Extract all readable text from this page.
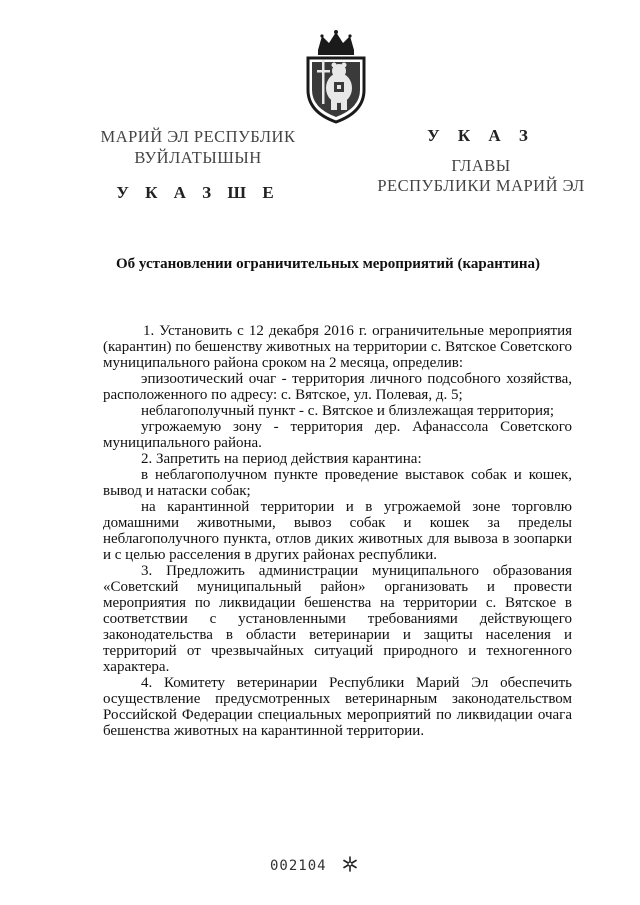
МАРИЙ ЭЛ РЕСПУБЛИК
ВУЙЛАТЫШЫН
У К А З Ш Е
У К А З
ГЛАВЫ
РЕСПУБЛИКИ МАРИЙ ЭЛ
Об установлении ограничительных мероприятий (карантина)

1. Установить с 12 декабря 2016 г. ограничительные мероприятия (карантин) по бешенству животных на территории с. Вятское Советского муниципального района сроком на 2 месяца, определив:

эпизоотический очаг - территория личного подсобного хозяйства, расположенного по адресу: с. Вятское, ул. Полевая, д. 5;

неблагополучный пункт - с. Вятское и близлежащая территория;

угрожаемую зону - территория дер. Афанассола Советского муниципального района.

2. Запретить на период действия карантина:

в неблагополучном пункте проведение выставок собак и кошек, вывод и натаски собак;

на карантинной территории и в угрожаемой зоне торговлю домашними животными, вывоз собак и кошек за пределы неблагополучного пункта, отлов диких животных для вывоза в зоопарки и с целью расселения в других районах республики.

3. Предложить администрации муниципального образования «Советский муниципальный район» организовать и провести мероприятия по ликвидации бешенства на территории с. Вятское в соответствии с установленными требованиями действующего законодательства в области ветеринарии и защиты населения и территорий от чрезвычайных ситуаций природного и техногенного характера.

4. Комитету ветеринарии Республики Марий Эл обеспечить осуществление предусмотренных ветеринарным законодательством Российской Федерации специальных мероприятий по ликвидации очага бешенства животных на карантинной территории.

002104
